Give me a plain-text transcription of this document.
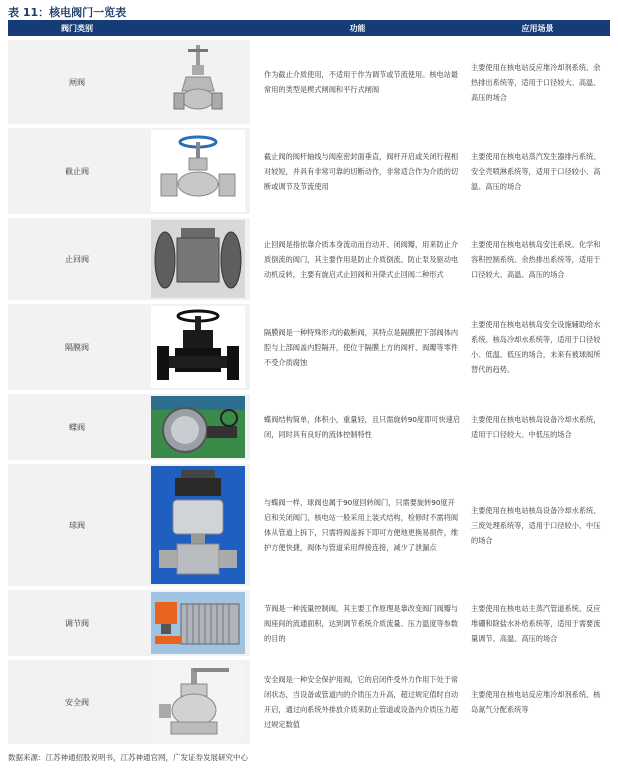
表 11：核电阀门一览表
阀门类别	功能	应用场景
闸阀
作为截止介质使用，不适用于作为调节或节流使用。核电站最常用的类型是楔式闸阀和平行式闸阀
主要使用在核电站反应堆冷却剂系统、余热排出系统等，适用于口径较大、高温、高压的场合
截止阀
截止阀的阀杆轴线与阀座密封面垂直，阀杆开启或关闭行程相对较短，并具有非常可靠的切断动作，非常适合作为介质的切断或调节及节流使用
主要使用在核电站蒸汽发生器排污系统、安全壳喷淋系统等，适用于口径较小、高温、高压的场合
止回阀
止回阀是指依靠介质本身流动而自动开、闭阀瓣，用来防止介质倒流的阀门，其主要作用是防止介质倒流、防止泵及驱动电动机反转，主要有旋启式止回阀和升降式止回阀二种形式
主要使用在核电站核岛安注系统、化学和容积控制系统、余热排出系统等，适用于口径较大、高温、高压的场合
隔膜阀
隔膜阀是一种特殊形式的截断阀，其特点是隔膜把下部阀体内腔与上部阀盖内腔隔开，使位于隔膜上方的阀杆、阀瓣等零件不受介质腐蚀
主要使用在核电站核岛安全设施辅助给水系统、核岛冷却水系统等，适用于口径较小、低温、低压的场合，未来有被球阀所替代的趋势。
蝶阀
蝶阀结构简单，体积小，重量轻，且只需旋转90度即可快速启闭，同时具有良好的流体控制特性
主要使用在核电站核岛设备冷却水系统，适用于口径较大、中低压的场合
球阀
与蝶阀一样，球阀也属于90度回转阀门，只需要旋转90度开启和关闭阀门，核电站一般采用上装式结构，检修时不需将阀体从管道上拆下，只需将阀盖拆下即可方便地更换易损件，维护方便快捷，阀体与管道采用焊接连接，减少了泄漏点
主要使用在核电站核岛设备冷却水系统、三废处理系统等，适用于口径较小、中压的场合
调节阀
节阀是一种流量控制阀，其主要工作原理是靠改变阀门阀瓣与阀座间的流通面积，达到调节系统介质流量、压力温度等参数的目的
主要使用在核电站主蒸汽管道系统、反应堆硼和除盐水补给系统等，适用于需要流量调节、高温、高压的场合
安全阀
安全阀是一种安全保护用阀，它的启闭件受外力作用下处于常闭状态，当设备或管道内的介质压力升高，超过规定值时自动开启，通过向系统外排放介质来防止管道或设备内介质压力超过规定数值
主要使用在核电站反应堆冷却剂系统、核岛氮气分配系统等
数据来源：江苏神通招股说明书，江苏神通官网，广发证券发展研究中心
